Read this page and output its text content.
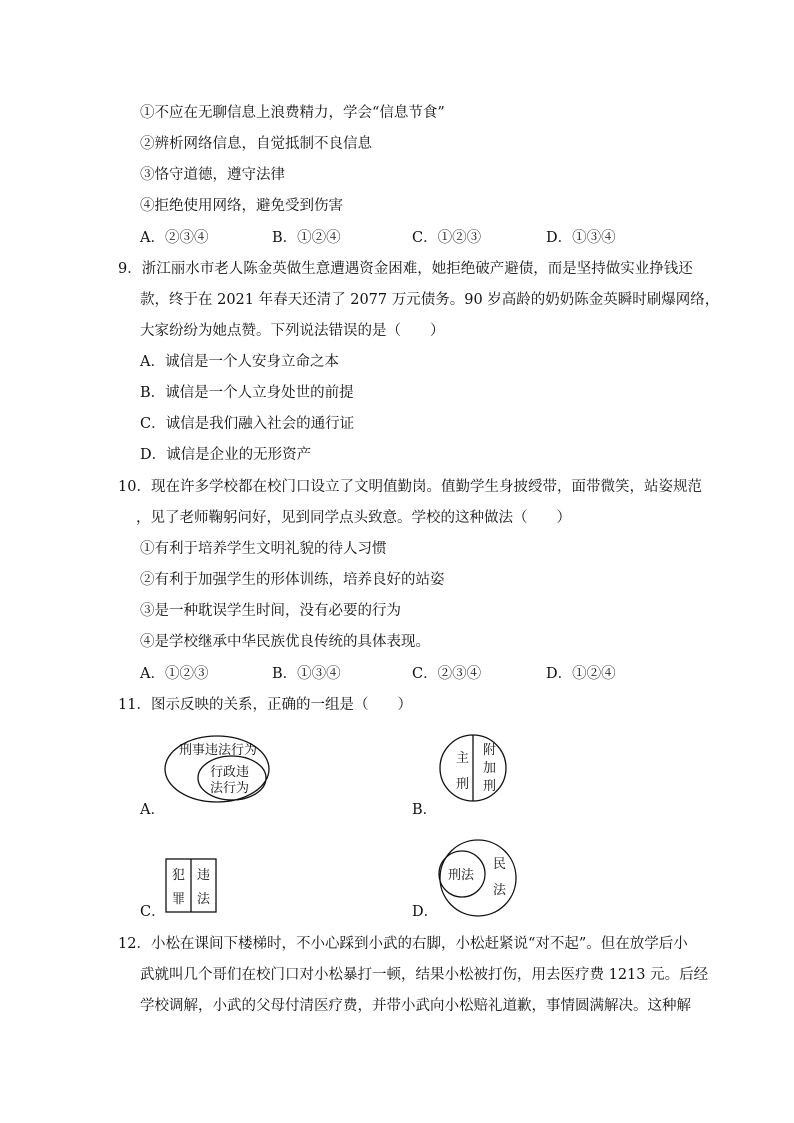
①不应在无聊信息上浪费精力，学会“信息节食”
②辨析网络信息，自觉抵制不良信息
③恪守道德，遵守法律
④拒绝使用网络，避免受到伤害
A．②③④	B．①②④	C．①②③	D．①③④
9．浙江丽水市老人陈金英做生意遭遇资金困难，她拒绝破产避债，而是坚持做实业挣钱还
款，终于在 2021 年春天还清了 2077 万元债务。90 岁高龄的奶奶陈金英瞬时刷爆网络，
大家纷纷为她点赞。下列说法错误的是（　　）
A．诚信是一个人安身立命之本
B．诚信是一个人立身处世的前提
C．诚信是我们融入社会的通行证
D．诚信是企业的无形资产
10．现在许多学校都在校门口设立了文明值勤岗。值勤学生身披绶带，面带微笑，站姿规范
，见了老师鞠躬问好，见到同学点头致意。学校的这种做法（　　）
①有利于培养学生文明礼貌的待人习惯
②有利于加强学生的形体训练，培养良好的站姿
③是一种耽误学生时间，没有必要的行为
④是学校继承中华民族优良传统的具体表现。
A．①②③	B．①③④	C．②③④	D．①②④
11．图示反映的关系，正确的一组是（　　）
A．
刑事违法行为
行政违
法行为
B．
主
刑
附
加
刑
C．
犯
罪
违
法
D．
刑法
民
法
12．小松在课间下楼梯时，不小心踩到小武的右脚，小松赶紧说“对不起”。但在放学后小
武就叫几个哥们在校门口对小松暴打一顿，结果小松被打伤，用去医疗费 1213 元。后经
学校调解，小武的父母付清医疗费，并带小武向小松赔礼道歉，事情圆满解决。这种解
